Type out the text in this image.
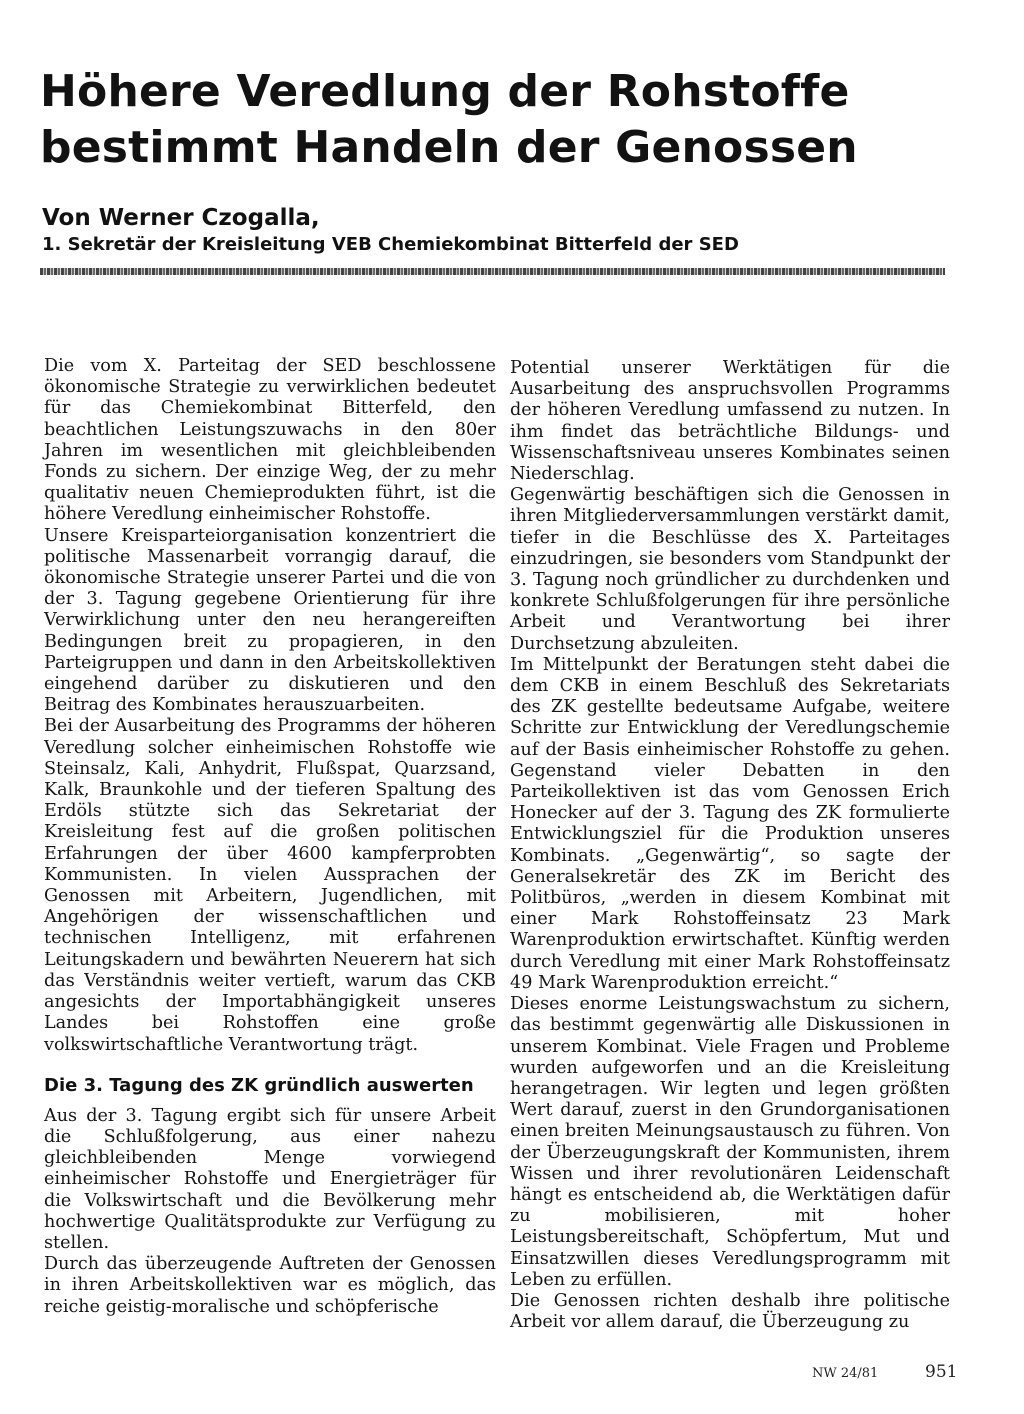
Höhere Veredlung der Rohstoffe bestimmt Handeln der Genossen

Von Werner Czogalla,

1. Sekretär der Kreisleitung VEB Chemiekombinat Bitterfeld der SED

Die vom X. Parteitag der SED beschlossene ökonomische Strategie zu verwirklichen bedeutet für das Chemiekombinat Bitterfeld, den beachtlichen Leistungszuwachs in den 80er Jahren im wesentlichen mit gleichbleibenden Fonds zu sichern. Der einzige Weg, der zu mehr qualitativ neuen Chemieprodukten führt, ist die höhere Veredlung einheimischer Rohstoffe.

Unsere Kreisparteiorganisation konzentriert die politische Massenarbeit vorrangig darauf, die ökonomische Strategie unserer Partei und die von der 3. Tagung gegebene Orientierung für ihre Verwirklichung unter den neu herangereiften Bedingungen breit zu propagieren, in den Parteigruppen und dann in den Arbeitskollektiven eingehend darüber zu diskutieren und den Beitrag des Kombinates herauszuarbeiten.

Bei der Ausarbeitung des Programms der höheren Veredlung solcher einheimischen Rohstoffe wie Steinsalz, Kali, Anhydrit, Flußspat, Quarzsand, Kalk, Braunkohle und der tieferen Spaltung des Erdöls stützte sich das Sekretariat der Kreisleitung fest auf die großen politischen Erfahrungen der über 4600 kampferprobten Kommunisten. In vielen Aussprachen der Genossen mit Arbeitern, Jugendlichen, mit Angehörigen der wissenschaftlichen und technischen Intelligenz, mit erfahrenen Leitungskadern und bewährten Neuerern hat sich das Verständnis weiter vertieft, warum das CKB angesichts der Importabhängigkeit unseres Landes bei Rohstoffen eine große volkswirtschaftliche Verantwortung trägt.

Die 3. Tagung des ZK gründlich auswerten

Aus der 3. Tagung ergibt sich für unsere Arbeit die Schlußfolgerung, aus einer nahezu gleichbleibenden Menge vorwiegend einheimischer Rohstoffe und Energieträger für die Volkswirtschaft und die Bevölkerung mehr hochwertige Qualitätsprodukte zur Verfügung zu stellen.

Durch das überzeugende Auftreten der Genossen in ihren Arbeitskollektiven war es möglich, das reiche geistig-moralische und schöpferische

Potential unserer Werktätigen für die Ausarbeitung des anspruchsvollen Programms der höheren Veredlung umfassend zu nutzen. In ihm findet das beträchtliche Bildungs- und Wissenschaftsniveau unseres Kombinates seinen Niederschlag.

Gegenwärtig beschäftigen sich die Genossen in ihren Mitgliederversammlungen verstärkt damit, tiefer in die Beschlüsse des X. Parteitages einzudringen, sie besonders vom Standpunkt der 3. Tagung noch gründlicher zu durchdenken und konkrete Schlußfolgerungen für ihre persönliche Arbeit und Verantwortung bei ihrer Durchsetzung abzuleiten.

Im Mittelpunkt der Beratungen steht dabei die dem CKB in einem Beschluß des Sekretariats des ZK gestellte bedeutsame Aufgabe, weitere Schritte zur Entwicklung der Veredlungschemie auf der Basis einheimischer Rohstoffe zu gehen. Gegenstand vieler Debatten in den Parteikollektiven ist das vom Genossen Erich Honecker auf der 3. Tagung des ZK formulierte Entwicklungsziel für die Produktion unseres Kombinats. „Gegenwärtig“, so sagte der Generalsekretär des ZK im Bericht des Politbüros, „werden in diesem Kombinat mit einer Mark Rohstoffeinsatz 23 Mark Warenproduktion erwirtschaftet. Künftig werden durch Veredlung mit einer Mark Rohstoffeinsatz 49 Mark Warenproduktion erreicht.“

Dieses enorme Leistungswachstum zu sichern, das bestimmt gegenwärtig alle Diskussionen in unserem Kombinat. Viele Fragen und Probleme wurden aufgeworfen und an die Kreisleitung herangetragen. Wir legten und legen größten Wert darauf, zuerst in den Grundorganisationen einen breiten Meinungsaustausch zu führen. Von der Überzeugungskraft der Kommunisten, ihrem Wissen und ihrer revolutionären Leidenschaft hängt es entscheidend ab, die Werktätigen dafür zu mobilisieren, mit hoher Leistungsbereitschaft, Schöpfertum, Mut und Einsatzwillen dieses Veredlungsprogramm mit Leben zu erfüllen.

Die Genossen richten deshalb ihre politische Arbeit vor allem darauf, die Überzeugung zu

NW 24/81	951
